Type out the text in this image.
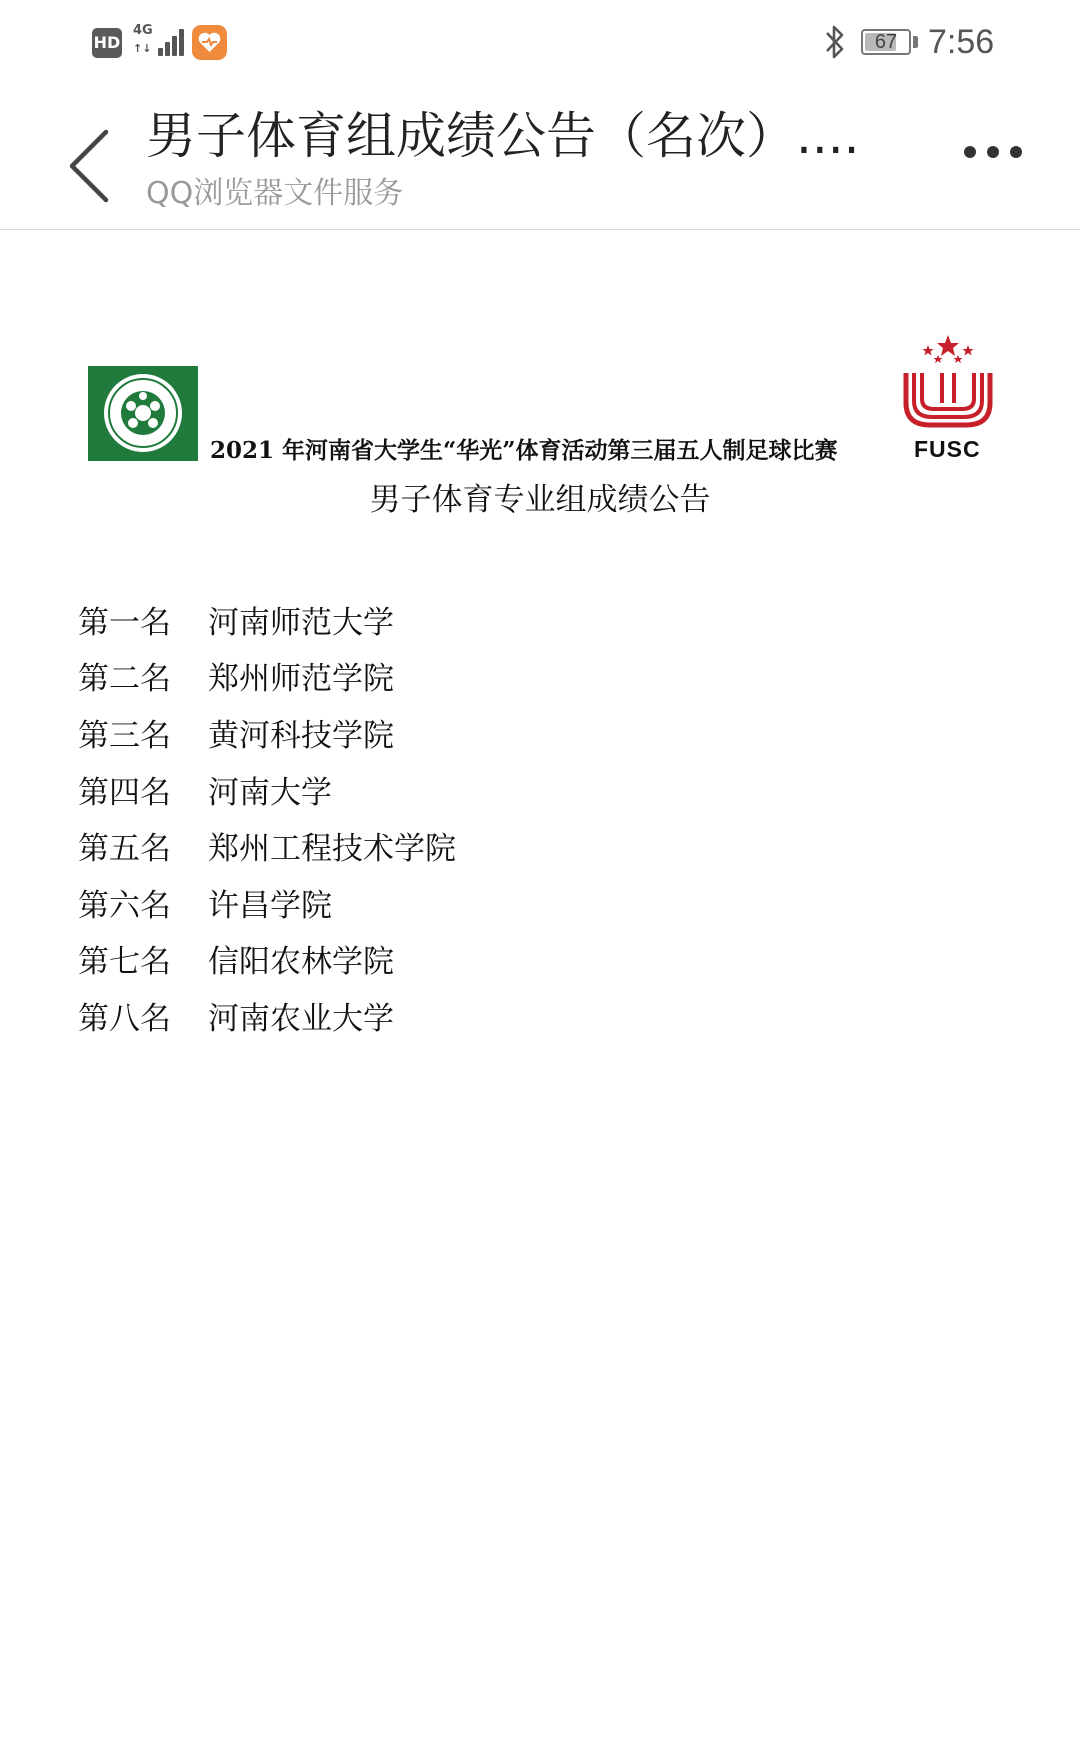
HD
4G
↑↓	67 7:56
男子体育组成绩公告（名次）....
QQ浏览器文件服务
FUSC
2021 年河南省大学生“华光”体育活动第三届五人制足球比赛
男子体育专业组成绩公告
第一名	河南师范大学
第二名	郑州师范学院
第三名	黄河科技学院
第四名	河南大学
第五名	郑州工程技术学院
第六名	许昌学院
第七名	信阳农林学院
第八名	河南农业大学
